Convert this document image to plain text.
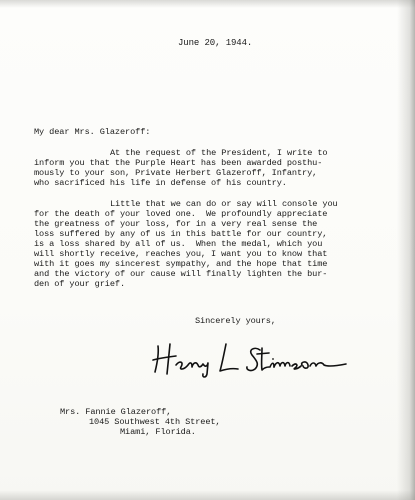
June 20, 1944.
My dear Mrs. Glazeroff:
At the request of the President, I write to
inform you that the Purple Heart has been awarded posthu-
mously to your son, Private Herbert Glazeroff, Infantry,
who sacrificed his life in defense of his country.
Little that we can do or say will console you
for the death of your loved one.  We profoundly appreciate
the greatness of your loss, for in a very real sense the
loss suffered by any of us in this battle for our country,
is a loss shared by all of us.  When the medal, which you
will shortly receive, reaches you, I want you to know that
with it goes my sincerest sympathy, and the hope that time
and the victory of our cause will finally lighten the bur-
den of your grief.
Sincerely yours,
Mrs. Fannie Glazeroff,
1045 Southwest 4th Street,
Miami, Florida.
